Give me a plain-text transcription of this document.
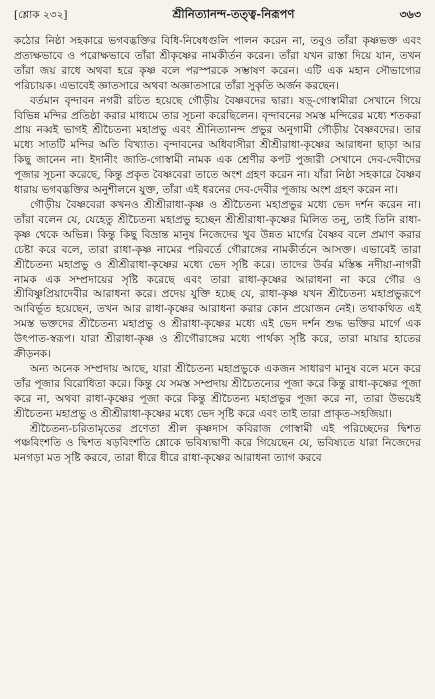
[শ্লোক ২৩২]	শ্রীনিত্যানন্দ-তত্ত্ব-নিরূপণ	৩৬৩

কঠোর নিষ্ঠা সহকারে ভগবদ্ভক্তির বিধি-নিষেধগুলি পালন করেন না, তবুও তাঁরা কৃষ্ণভক্ত এবং প্রত্যক্ষভাবে ও পরোক্ষভাবে তাঁরা শ্রীকৃষ্ণের নামকীর্তন করেন। তাঁরা যখন রাস্তা দিয়ে যান, তখন তাঁরা জয় রাধে অথবা হরে কৃষ্ণ বলে পরস্পরকে সম্ভাষণ করেন। এটি এক মহান সৌভাগ্যের পরিচায়ক। এভাবেই জ্ঞাতসারে অথবা অজ্ঞাতসারে তাঁরা সুকৃতি অর্জন করছেন।

বর্তমান বৃন্দাবন নগরী রচিত হয়েছে গৌড়ীয় বৈষ্ণবদের দ্বারা। ষড়্-গোস্বামীরা সেখানে গিয়ে বিভিন্ন মন্দির প্রতিষ্ঠা করার মাধ্যমে তার সূচনা করেছিলেন। বৃন্দাবনের সমস্ত মন্দিরের মধ্যে শতকরা প্রায় নব্বই ভাগই শ্রীচৈতন্য মহাপ্রভু এবং শ্রীনিত্যানন্দ প্রভুর অনুগামী গৌড়ীয় বৈষ্ণবদের। তার মধ্যে সাতটি মন্দির অতি বিখ্যাত। বৃন্দাবনের অধিবাসীরা শ্রীশ্রীরাধা-কৃষ্ণের আরাধনা ছাড়া আর কিছু জানেন না। ইদানীং জাতি-গোস্বামী নামক এক শ্রেণীর কপট পুজারী সেখানে দেব-দেবীদের পূজার সূচনা করেছে, কিন্তু প্রকৃত বৈষ্ণবেরা তাতে অংশ গ্রহণ করেন না। যাঁরা নিষ্ঠা সহকারে বৈষ্ণব ধারায় ভগবদ্ভক্তির অনুশীলনে যুক্ত, তাঁরা এই ধরনের দেব-দেবীর পূজায় অংশ গ্রহণ করেন না।

গৌড়ীয় বৈষ্ণবেরা কখনও শ্রীশ্রীরাধা-কৃষ্ণ ও শ্রীচৈতন্য মহাপ্রভুর মধ্যে ভেদ দর্শন করেন না। তাঁরা বলেন যে, যেহেতু শ্রীচৈতন্য মহাপ্রভু হচ্ছেন শ্রীশ্রীরাধা-কৃষ্ণের মিলিত তনু, তাই তিনি রাধা-কৃষ্ণ থেকে অভিন্ন। কিন্তু কিছু বিভ্রান্ত মানুষ নিজেদের খুব উন্নত মার্গের বৈষ্ণব বলে প্রমাণ করার চেষ্টা করে বলে, তারা রাধা-কৃষ্ণ নামের পরিবর্তে গৌরাঙ্গের নামকীর্তনে আসক্ত। এভাবেই তারা শ্রীচৈতন্য মহাপ্রভু ও শ্রীশ্রীরাধা-কৃষ্ণের মধ্যে ভেদ সৃষ্টি করে। তাদের উর্বর মস্তিষ্ক নদীয়া-নাগরী নামক এক সম্প্রদায়ের সৃষ্টি করেছে এবং তারা রাধা-কৃষ্ণের আরাধনা না করে গৌর ও শ্রীবিষ্ণুপ্রিয়াদেবীর আরাধনা করে। প্রদেয় যুক্তি হচ্ছে যে, রাধা-কৃষ্ণ যখন শ্রীচৈতন্য মহাপ্রভুরূপে আবির্ভূত হয়েছেন, তখন আর রাধা-কৃষ্ণের আরাধনা করার কোন প্রয়োজন নেই। তথাকথিত এই সমস্ত ভক্তদের শ্রীচৈতন্য মহাপ্রভু ও শ্রীরাধা-কৃষ্ণের মধ্যে এই ভেদ দর্শন শুদ্ধ ভক্তির মার্গে এক উৎপাত-স্বরূপ। যারা শ্রীরাধা-কৃষ্ণ ও শ্রীগৌরাঙ্গের মধ্যে পার্থক্য সৃষ্টি করে, তারা মায়ার হাতের ক্রীড়নক।

অন্য অনেক সম্প্রদায় আছে, যারা শ্রীচৈতন্য মহাপ্রভুকে একজন সাধারণ মানুষ বলে মনে করে তাঁর পূজার বিরোধিতা করে। কিন্তু যে সমস্ত সম্প্রদায় শ্রীচৈতন্যের পূজা করে কিন্তু রাধা-কৃষ্ণের পূজা করে না, অথবা রাধা-কৃষ্ণের পূজা করে কিন্তু শ্রীচৈতন্য মহাপ্রভুর পূজা করে না, তারা উভয়েই শ্রীচৈতন্য মহাপ্রভু ও শ্রীশ্রীরাধা-কৃষ্ণের মধ্যে ভেদ সৃষ্টি করে এবং তাই তারা প্রাকৃত-সহজিয়া।

শ্রীচৈতন্য-চরিতামৃতের প্রণেতা শ্রীল কৃষ্ণদাস কবিরাজ গোস্বামী এই পরিচ্ছেদের দ্বিশত পঞ্চবিংশতি ও দ্বিশত ষড়বিংশতি শ্লোকে ভবিষ্যদ্বাণী করে গিয়েছেন যে, ভবিষ্যতে যারা নিজেদের মনগড়া মত সৃষ্টি করবে, তারা ধীরে ধীরে রাধা-কৃষ্ণের আরাধনা ত্যাগ করবে
